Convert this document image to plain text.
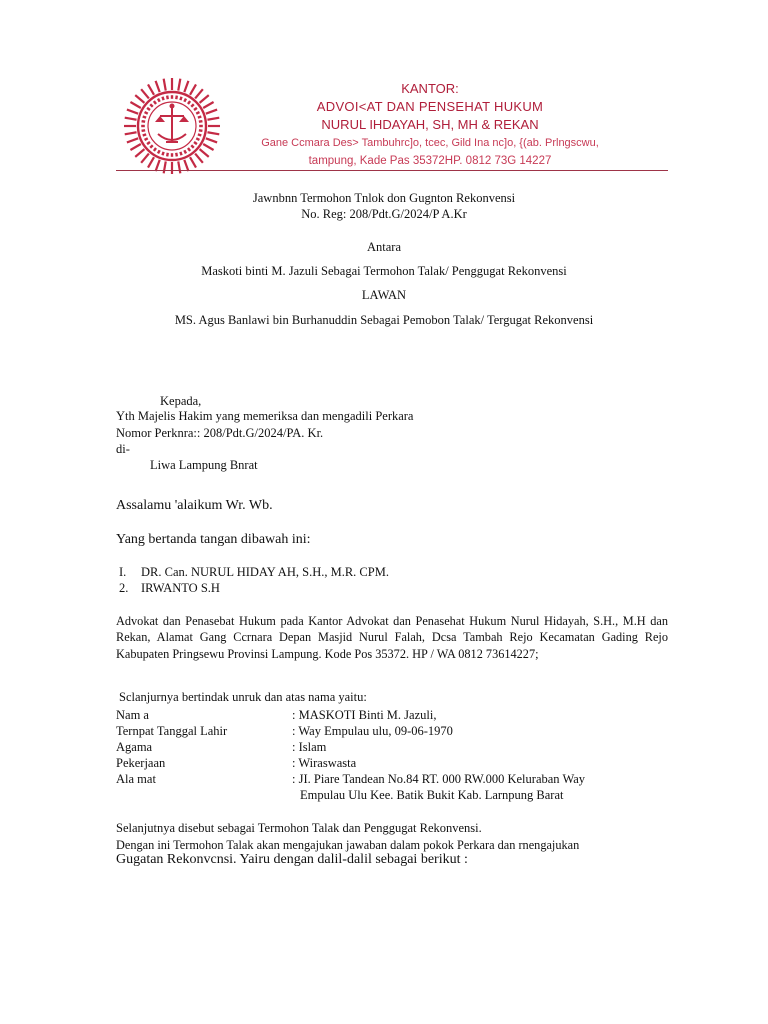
KANTOR:
ADVOI<AT DAN PENSEHAT HUKUM
NURUL IHDAYAH, SH, MH & REKAN
Gane Ccmara Des> Tambuhrc]o, tcec, Gild Ina nc]o, {(ab. Prlngscwu,
tampung, Kade Pas 35372HP. 0812 73G 14227
Jawnbnn Termohon Tnlok don Gugnton Rekonvensi
No. Reg: 208/Pdt.G/2024/P A.Kr
Antara
Maskoti binti M. Jazuli Sebagai Termohon Talak/ Penggugat Rekonvensi
LAWAN
MS. Agus Banlawi bin Burhanuddin Sebagai Pemobon Talak/ Tergugat Rekonvensi
Kepada,
Yth Majelis Hakim yang memeriksa dan mengadili Perkara
Nomor Perknra:: 208/Pdt.G/2024/PA. Kr.
di-
Liwa Lampung Bnrat
Assalamu 'alaikum Wr. Wb.
Yang bertanda tangan dibawah ini:
I. DR. Can. NURUL HIDAY AH, S.H., M.R. CPM.
2. IRWANTO S.H
Advokat dan Penasebat Hukum pada Kantor Advokat dan Penasehat Hukum Nurul Hidayah, S.H., M.H dan Rekan, Alamat Gang Ccrnara Depan Masjid Nurul Falah, Dcsa Tambah Rejo Kecamatan Gading Rejo Kabupaten Pringsewu Provinsi Lampung. Kode Pos 35372. HP / WA 0812 73614227;
Sclanjurnya bertindak unruk dan atas nama yaitu:
Nam a	: MASKOTI Binti M. Jazuli,
Ternpat Tanggal Lahir	: Way Empulau ulu, 09-06-1970
Agama	: Islam
Pekerjaan	: Wiraswasta
Ala mat	: JI. Piare Tandean No.84 RT. 000 RW.000 Keluraban Way
Empulau Ulu Kee. Batik Bukit Kab. Larnpung Barat
Selanjutnya disebut sebagai Termohon Talak dan Penggugat Rekonvensi.
Dengan ini Termohon Talak akan mengajukan jawaban dalam pokok Perkara dan rnengajukan
Gugatan Rekonvcnsi. Yairu dengan dalil-dalil sebagai berikut :
